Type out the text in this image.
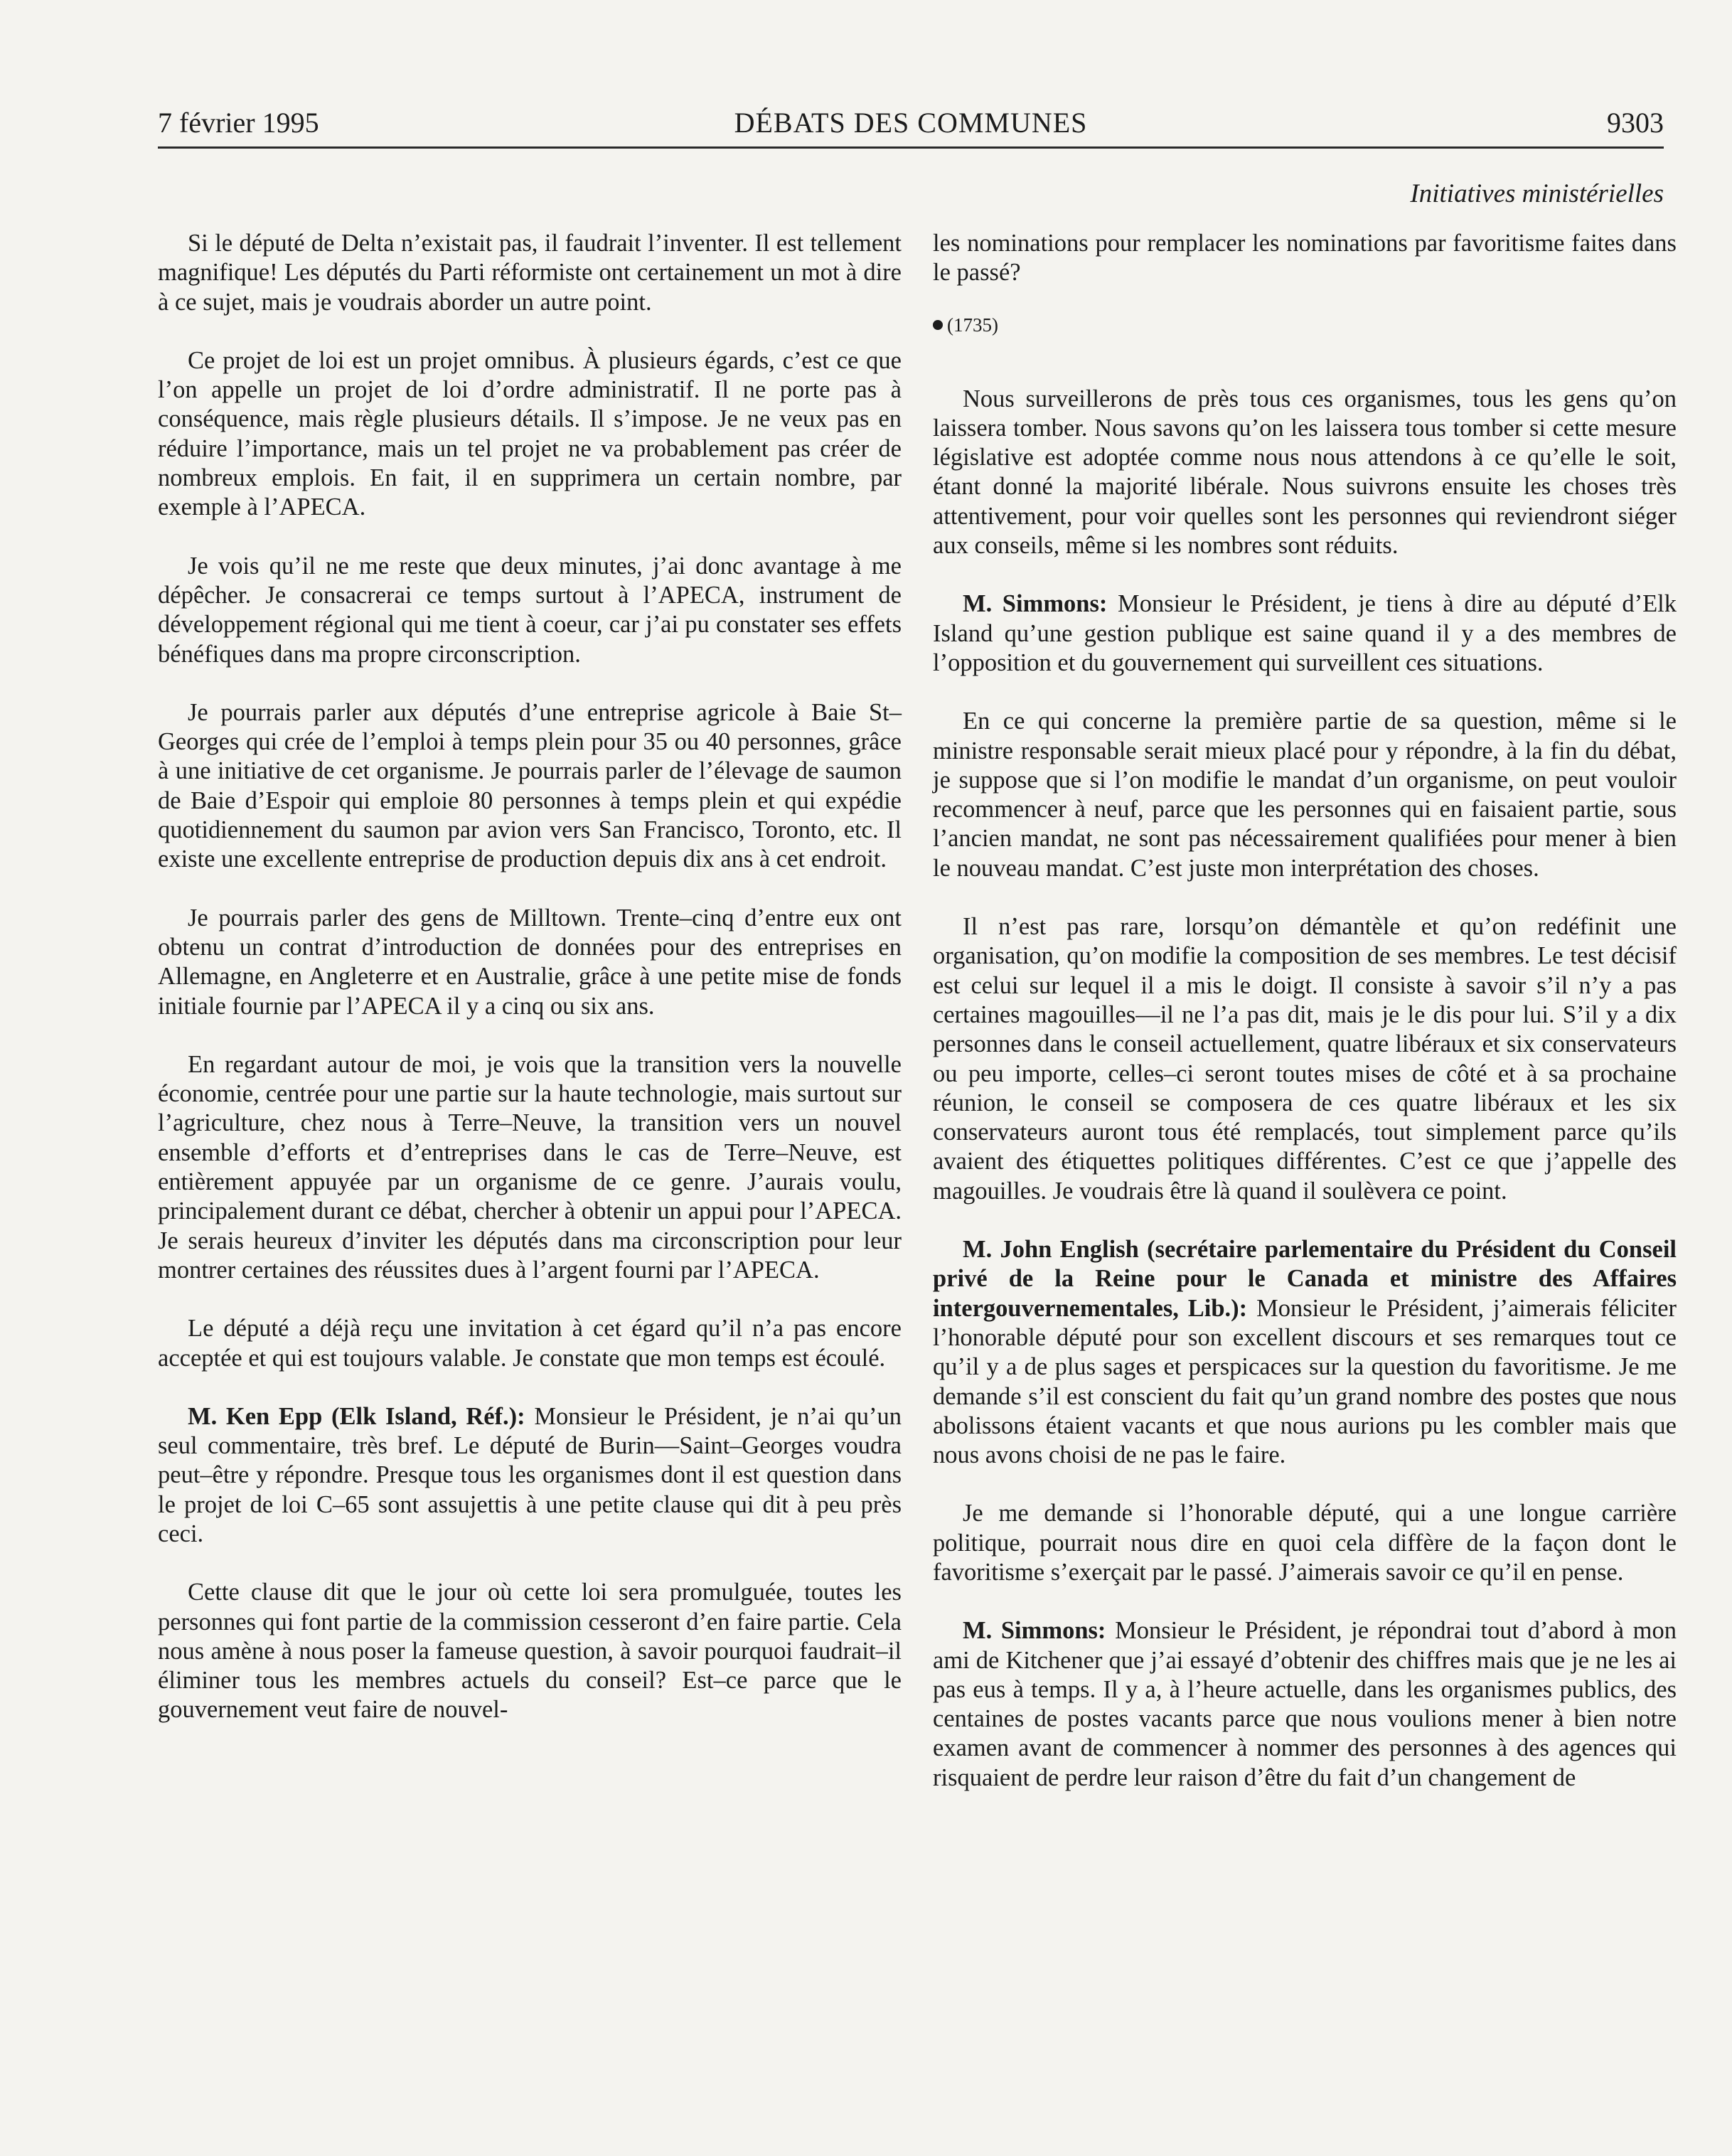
7 février 1995	DÉBATS DES COMMUNES	9303
Initiatives ministérielles

Si le député de Delta n’existait pas, il faudrait l’inventer. Il est tellement magnifique! Les députés du Parti réformiste ont certainement un mot à dire à ce sujet, mais je voudrais aborder un autre point.

Ce projet de loi est un projet omnibus. À plusieurs égards, c’est ce que l’on appelle un projet de loi d’ordre administratif. Il ne porte pas à conséquence, mais règle plusieurs détails. Il s’impose. Je ne veux pas en réduire l’importance, mais un tel projet ne va probablement pas créer de nombreux emplois. En fait, il en supprimera un certain nombre, par exemple à l’APECA.

Je vois qu’il ne me reste que deux minutes, j’ai donc avantage à me dépêcher. Je consacrerai ce temps surtout à l’APECA, instrument de développement régional qui me tient à coeur, car j’ai pu constater ses effets bénéfiques dans ma propre circonscription.

Je pourrais parler aux députés d’une entreprise agricole à Baie St–Georges qui crée de l’emploi à temps plein pour 35 ou 40 personnes, grâce à une initiative de cet organisme. Je pourrais parler de l’élevage de saumon de Baie d’Espoir qui emploie 80 personnes à temps plein et qui expédie quotidiennement du saumon par avion vers San Francisco, Toronto, etc. Il existe une excellente entreprise de production depuis dix ans à cet endroit.

Je pourrais parler des gens de Milltown. Trente–cinq d’entre eux ont obtenu un contrat d’introduction de données pour des entreprises en Allemagne, en Angleterre et en Australie, grâce à une petite mise de fonds initiale fournie par l’APECA il y a cinq ou six ans.

En regardant autour de moi, je vois que la transition vers la nouvelle économie, centrée pour une partie sur la haute technologie, mais surtout sur l’agriculture, chez nous à Terre–Neuve, la transition vers un nouvel ensemble d’efforts et d’entreprises dans le cas de Terre–Neuve, est entièrement appuyée par un organisme de ce genre. J’aurais voulu, principalement durant ce débat, chercher à obtenir un appui pour l’APECA. Je serais heureux d’inviter les députés dans ma circonscription pour leur montrer certaines des réussites dues à l’argent fourni par l’APECA.

Le député a déjà reçu une invitation à cet égard qu’il n’a pas encore acceptée et qui est toujours valable. Je constate que mon temps est écoulé.

M. Ken Epp (Elk Island, Réf.): Monsieur le Président, je n’ai qu’un seul commentaire, très bref. Le député de Burin—Saint–Georges voudra peut–être y répondre. Presque tous les organismes dont il est question dans le projet de loi C–65 sont assujettis à une petite clause qui dit à peu près ceci.

Cette clause dit que le jour où cette loi sera promulguée, toutes les personnes qui font partie de la commission cesseront d’en faire partie. Cela nous amène à nous poser la fameuse question, à savoir pourquoi faudrait–il éliminer tous les membres actuels du conseil? Est–ce parce que le gouvernement veut faire de nouvel-

les nominations pour remplacer les nominations par favoritisme faites dans le passé?

(1735)

Nous surveillerons de près tous ces organismes, tous les gens qu’on laissera tomber. Nous savons qu’on les laissera tous tomber si cette mesure législative est adoptée comme nous nous attendons à ce qu’elle le soit, étant donné la majorité libérale. Nous suivrons ensuite les choses très attentivement, pour voir quelles sont les personnes qui reviendront siéger aux conseils, même si les nombres sont réduits.

M. Simmons: Monsieur le Président, je tiens à dire au député d’Elk Island qu’une gestion publique est saine quand il y a des membres de l’opposition et du gouvernement qui surveillent ces situations.

En ce qui concerne la première partie de sa question, même si le ministre responsable serait mieux placé pour y répondre, à la fin du débat, je suppose que si l’on modifie le mandat d’un organisme, on peut vouloir recommencer à neuf, parce que les personnes qui en faisaient partie, sous l’ancien mandat, ne sont pas nécessairement qualifiées pour mener à bien le nouveau mandat. C’est juste mon interprétation des choses.

Il n’est pas rare, lorsqu’on démantèle et qu’on redéfinit une organisation, qu’on modifie la composition de ses membres. Le test décisif est celui sur lequel il a mis le doigt. Il consiste à savoir s’il n’y a pas certaines magouilles—il ne l’a pas dit, mais je le dis pour lui. S’il y a dix personnes dans le conseil actuellement, quatre libéraux et six conservateurs ou peu importe, celles–ci seront toutes mises de côté et à sa prochaine réunion, le conseil se composera de ces quatre libéraux et les six conservateurs auront tous été remplacés, tout simplement parce qu’ils avaient des étiquettes politiques différentes. C’est ce que j’appelle des magouilles. Je voudrais être là quand il soulèvera ce point.

M. John English (secrétaire parlementaire du Président du Conseil privé de la Reine pour le Canada et ministre des Affaires intergouvernementales, Lib.): Monsieur le Président, j’aimerais féliciter l’honorable député pour son excellent discours et ses remarques tout ce qu’il y a de plus sages et perspicaces sur la question du favoritisme. Je me demande s’il est conscient du fait qu’un grand nombre des postes que nous abolissons étaient vacants et que nous aurions pu les combler mais que nous avons choisi de ne pas le faire.

Je me demande si l’honorable député, qui a une longue carrière politique, pourrait nous dire en quoi cela diffère de la façon dont le favoritisme s’exerçait par le passé. J’aimerais savoir ce qu’il en pense.

M. Simmons: Monsieur le Président, je répondrai tout d’abord à mon ami de Kitchener que j’ai essayé d’obtenir des chiffres mais que je ne les ai pas eus à temps. Il y a, à l’heure actuelle, dans les organismes publics, des centaines de postes vacants parce que nous voulions mener à bien notre examen avant de commencer à nommer des personnes à des agences qui risquaient de perdre leur raison d’être du fait d’un changement de
